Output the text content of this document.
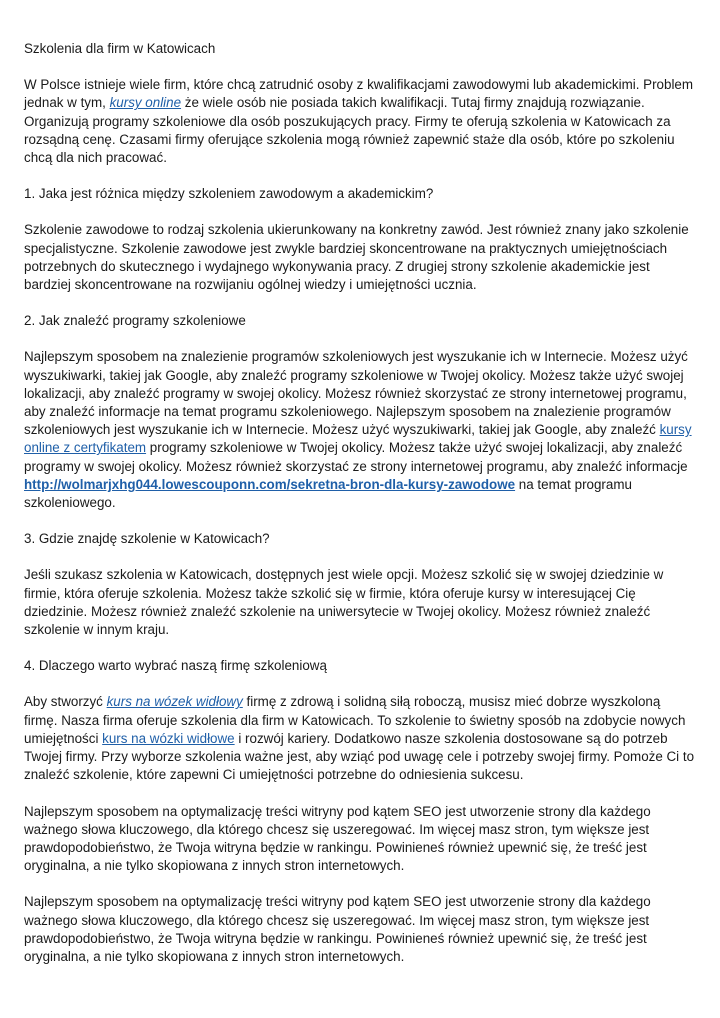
Szkolenia dla firm w Katowicach

W Polsce istnieje wiele firm, które chcą zatrudnić osoby z kwalifikacjami zawodowymi lub akademickimi. Problem jednak w tym, kursy online że wiele osób nie posiada takich kwalifikacji. Tutaj firmy znajdują rozwiązanie. Organizują programy szkoleniowe dla osób poszukujących pracy. Firmy te oferują szkolenia w Katowicach za rozsądną cenę. Czasami firmy oferujące szkolenia mogą również zapewnić staże dla osób, które po szkoleniu chcą dla nich pracować.

1. Jaka jest różnica między szkoleniem zawodowym a akademickim?

Szkolenie zawodowe to rodzaj szkolenia ukierunkowany na konkretny zawód. Jest również znany jako szkolenie specjalistyczne. Szkolenie zawodowe jest zwykle bardziej skoncentrowane na praktycznych umiejętnościach potrzebnych do skutecznego i wydajnego wykonywania pracy. Z drugiej strony szkolenie akademickie jest bardziej skoncentrowane na rozwijaniu ogólnej wiedzy i umiejętności ucznia.

2. Jak znaleźć programy szkoleniowe

Najlepszym sposobem na znalezienie programów szkoleniowych jest wyszukanie ich w Internecie. Możesz użyć wyszukiwarki, takiej jak Google, aby znaleźć programy szkoleniowe w Twojej okolicy. Możesz także użyć swojej lokalizacji, aby znaleźć programy w swojej okolicy. Możesz również skorzystać ze strony internetowej programu, aby znaleźć informacje na temat programu szkoleniowego. Najlepszym sposobem na znalezienie programów szkoleniowych jest wyszukanie ich w Internecie. Możesz użyć wyszukiwarki, takiej jak Google, aby znaleźć kursy online z certyfikatem programy szkoleniowe w Twojej okolicy. Możesz także użyć swojej lokalizacji, aby znaleźć programy w swojej okolicy. Możesz również skorzystać ze strony internetowej programu, aby znaleźć informacje http://wolmarjxhg044.lowescouponn.com/sekretna-bron-dla-kursy-zawodowe na temat programu szkoleniowego.

3. Gdzie znajdę szkolenie w Katowicach?

Jeśli szukasz szkolenia w Katowicach, dostępnych jest wiele opcji. Możesz szkolić się w swojej dziedzinie w firmie, która oferuje szkolenia. Możesz także szkolić się w firmie, która oferuje kursy w interesującej Cię dziedzinie. Możesz również znaleźć szkolenie na uniwersytecie w Twojej okolicy. Możesz również znaleźć szkolenie w innym kraju.

4. Dlaczego warto wybrać naszą firmę szkoleniową

Aby stworzyć kurs na wózek widłowy firmę z zdrową i solidną siłą roboczą, musisz mieć dobrze wyszkoloną firmę. Nasza firma oferuje szkolenia dla firm w Katowicach. To szkolenie to świetny sposób na zdobycie nowych umiejętności kurs na wózki widłowe i rozwój kariery. Dodatkowo nasze szkolenia dostosowane są do potrzeb Twojej firmy. Przy wyborze szkolenia ważne jest, aby wziąć pod uwagę cele i potrzeby swojej firmy. Pomoże Ci to znaleźć szkolenie, które zapewni Ci umiejętności potrzebne do odniesienia sukcesu.

Najlepszym sposobem na optymalizację treści witryny pod kątem SEO jest utworzenie strony dla każdego ważnego słowa kluczowego, dla którego chcesz się uszeregować. Im więcej masz stron, tym większe jest prawdopodobieństwo, że Twoja witryna będzie w rankingu. Powinieneś również upewnić się, że treść jest oryginalna, a nie tylko skopiowana z innych stron internetowych.

Najlepszym sposobem na optymalizację treści witryny pod kątem SEO jest utworzenie strony dla każdego ważnego słowa kluczowego, dla którego chcesz się uszeregować. Im więcej masz stron, tym większe jest prawdopodobieństwo, że Twoja witryna będzie w rankingu. Powinieneś również upewnić się, że treść jest oryginalna, a nie tylko skopiowana z innych stron internetowych.
